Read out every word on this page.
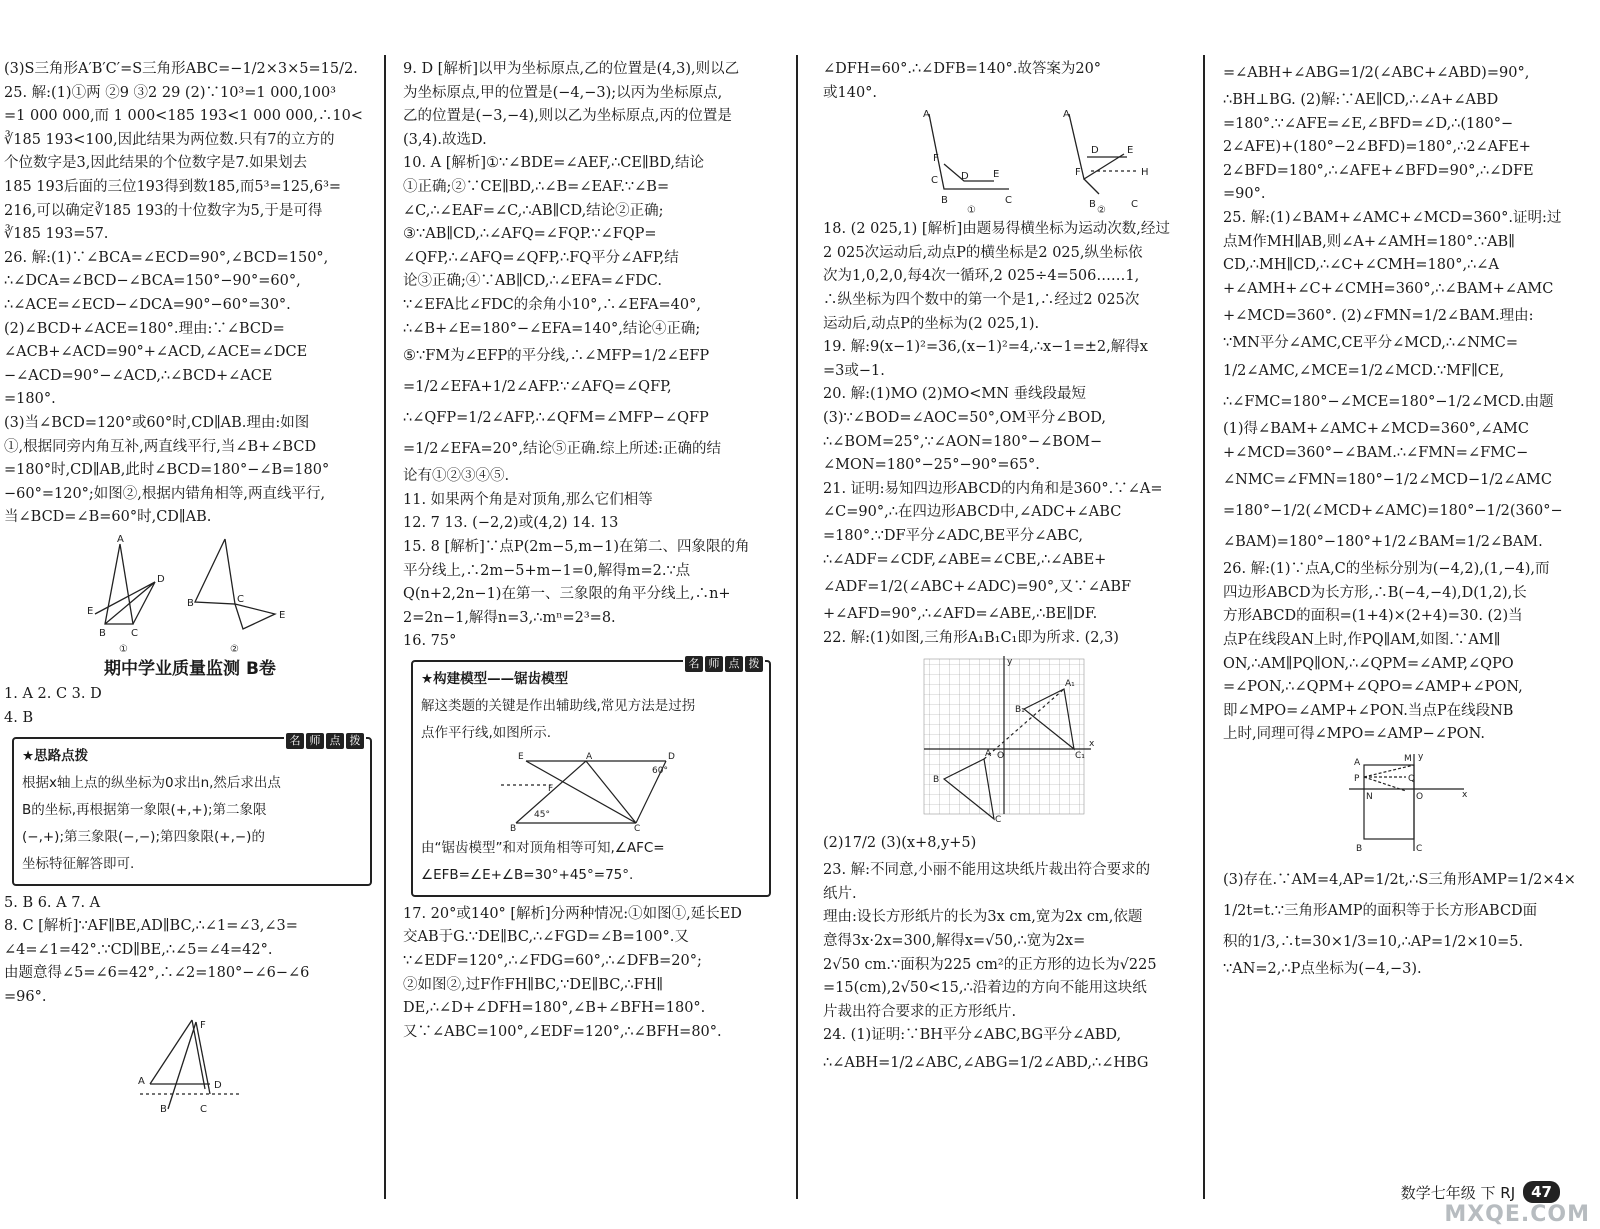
(3)S三角形A′B′C′=S三角形ABC=−1/2×3×5=15/2.
25. 解:(1)①两 ②9 ③2 29 (2)∵10³=1 000,100³
=1 000 000,而 1 000<185 193<1 000 000,∴10<
∛185 193<100,因此结果为两位数.只有7的立方的
个位数字是3,因此结果的个位数字是7.如果划去
185 193后面的三位193得到数185,而5³=125,6³=
216,可以确定∛185 193的十位数字为5,于是可得
∛185 193=57.
26. 解:(1)∵∠BCA=∠ECD=90°,∠BCD=150°,
∴∠DCA=∠BCD−∠BCA=150°−90°=60°,
∴∠ACE=∠ECD−∠DCA=90°−60°=30°.
(2)∠BCD+∠ACE=180°.理由:∵∠BCD=
∠ACB+∠ACD=90°+∠ACD,∠ACE=∠DCE
−∠ACD=90°−∠ACD,∴∠BCD+∠ACE
=180°.
(3)当∠BCD=120°或60°时,CD∥AB.理由:如图
①,根据同旁内角互补,两直线平行,当∠B+∠BCD
=180°时,CD∥AB,此时∠BCD=180°−∠B=180°
−60°=120°;如图②,根据内错角相等,两直线平行,
当∠BCD=∠B=60°时,CD∥AB.
A
D
E
B	C
B	C
E
①	②
期中学业质量监测 B卷
1. A 2. C 3. D
4. B
名 师 点 拨
★思路点拨
根据x轴上点的纵坐标为0求出n,然后求出点
B的坐标,再根据第一象限(+,+);第二象限
(−,+);第三象限(−,−);第四象限(+,−)的
坐标特征解答即可.
5. B 6. A 7. A
8. C [解析]∵AF∥BE,AD∥BC,∴∠1=∠3,∠3=
∠4=∠1=42°.∵CD∥BE,∴∠5=∠4=42°.
由题意得∠5=∠6=42°,∴∠2=180°−∠6−∠6
=96°.
A	D
F
B	C
9. D [解析]以甲为坐标原点,乙的位置是(4,3),则以乙
为坐标原点,甲的位置是(−4,−3);以丙为坐标原点,
乙的位置是(−3,−4),则以乙为坐标原点,丙的位置是
(3,4).故选D.
10. A [解析]①∵∠BDE=∠AEF,∴CE∥BD,结论
①正确;②∵CE∥BD,∴∠B=∠EAF.∵∠B=
∠C,∴∠EAF=∠C,∴AB∥CD,结论②正确;
③∵AB∥CD,∴∠AFQ=∠FQP.∵∠FQP=
∠QFP,∴∠AFQ=∠QFP,∴FQ平分∠AFP,结
论③正确;④∵AB∥CD,∴∠EFA=∠FDC.
∵∠EFA比∠FDC的余角小10°,∴∠EFA=40°,
∴∠B+∠E=180°−∠EFA=140°,结论④正确;
⑤∵FM为∠EFP的平分线,∴∠MFP=1/2∠EFP
=1/2∠EFA+1/2∠AFP.∵∠AFQ=∠QFP,
∴∠QFP=1/2∠AFP,∴∠QFM=∠MFP−∠QFP
=1/2∠EFA=20°,结论⑤正确.综上所述:正确的结
论有①②③④⑤.
11. 如果两个角是对顶角,那么它们相等
12. 7 13. (−2,2)或(4,2) 14. 13
15. 8 [解析]∵点P(2m−5,m−1)在第二、四象限的角
平分线上,∴2m−5+m−1=0,解得m=2.∵点
Q(n+2,2n−1)在第一、三象限的角平分线上,∴n+
2=2n−1,解得n=3,∴mⁿ=2³=8.
16. 75°
名 师 点 拨
★构建模型——锯齿模型
解这类题的关键是作出辅助线,常见方法是过拐
点作平行线,如图所示.
E	A	D
B	C
60°
45°
F
由“锯齿模型”和对顶角相等可知,∠AFC=
∠EFB=∠E+∠B=30°+45°=75°.
17. 20°或140° [解析]分两种情况:①如图①,延长ED
交AB于G.∵DE∥BC,∴∠FGD=∠B=100°.又
∵∠EDF=120°,∴∠FDG=60°,∴∠DFB=20°;
②如图②,过F作FH∥BC,∵DE∥BC,∴FH∥
DE,∴∠D+∠DFH=180°,∠B+∠BFH=180°.
又∵∠ABC=100°,∠EDF=120°,∴∠BFH=80°.
∠DFH=60°.∴∠DFB=140°.故答案为20°
或140°.
A
F
C D E
B	C
A
F
D	E
H
B	C
①	②
18. (2 025,1) [解析]由题易得横坐标为运动次数,经过
2 025次运动后,动点P的横坐标是2 025,纵坐标依
次为1,0,2,0,每4次一循环,2 025÷4=506……1,
∴纵坐标为四个数中的第一个是1,∴经过2 025次
运动后,动点P的坐标为(2 025,1).
19. 解:9(x−1)²=36,(x−1)²=4,∴x−1=±2,解得x
=3或−1.
20. 解:(1)MO (2)MO<MN 垂线段最短
(3)∵∠BOD=∠AOC=50°,OM平分∠BOD,
∴∠BOM=25°,∵∠AON=180°−∠BOM−
∠MON=180°−25°−90°=65°.
21. 证明:易知四边形ABCD的内角和是360°.∵∠A=
∠C=90°,∴在四边形ABCD中,∠ADC+∠ABC
=180°.∵DF平分∠ADC,BE平分∠ABC,
∴∠ADF=∠CDF,∠ABE=∠CBE,∴∠ABE+
∠ADF=1/2(∠ABC+∠ADC)=90°,又∵∠ABF
+∠AFD=90°,∴∠AFD=∠ABE,∴BE∥DF.
22. 解:(1)如图,三角形A₁B₁C₁即为所求. (2,3)
y
x
O
B₁
A₁
C₁
A
B
C
(2)17/2 (3)(x+8,y+5)
23. 解:不同意,小丽不能用这块纸片裁出符合要求的
纸片.
理由:设长方形纸片的长为3x cm,宽为2x cm,依题
意得3x·2x=300,解得x=√50,∴宽为2x=
2√50 cm.∵面积为225 cm²的正方形的边长为√225
=15(cm),2√50<15,∴沿着边的方向不能用这块纸
片裁出符合要求的正方形纸片.
24. (1)证明:∵BH平分∠ABC,BG平分∠ABD,
∴∠ABH=1/2∠ABC,∠ABG=1/2∠ABD,∴∠HBG
=∠ABH+∠ABG=1/2(∠ABC+∠ABD)=90°,
∴BH⊥BG. (2)解:∵AE∥CD,∴∠A+∠ABD
=180°.∵∠AFE=∠E,∠BFD=∠D,∴(180°−
2∠AFE)+(180°−2∠BFD)=180°,∴2∠AFE+
2∠BFD=180°,∴∠AFE+∠BFD=90°,∴∠DFE
=90°.
25. 解:(1)∠BAM+∠AMC+∠MCD=360°.证明:过
点M作MH∥AB,则∠A+∠AMH=180°.∵AB∥
CD,∴MH∥CD,∴∠C+∠CMH=180°,∴∠A
+∠AMH+∠C+∠CMH=360°,∴∠BAM+∠AMC
+∠MCD=360°. (2)∠FMN=1/2∠BAM.理由:
∵MN平分∠AMC,CE平分∠MCD,∴∠NMC=
1/2∠AMC,∠MCE=1/2∠MCD.∵MF∥CE,
∴∠FMC=180°−∠MCE=180°−1/2∠MCD.由题
(1)得∠BAM+∠AMC+∠MCD=360°,∠AMC
+∠MCD=360°−∠BAM.∴∠FMN=∠FMC−
∠NMC=∠FMN=180°−1/2∠MCD−1/2∠AMC
=180°−1/2(∠MCD+∠AMC)=180°−1/2(360°−
∠BAM)=180°−180°+1/2∠BAM=1/2∠BAM.
26. 解:(1)∵点A,C的坐标分别为(−4,2),(1,−4),而
四边形ABCD为长方形,∴B(−4,−4),D(1,2),长
方形ABCD的面积=(1+4)×(2+4)=30. (2)当
点P在线段AN上时,作PQ∥AM,如图.∵AM∥
ON,∴AM∥PQ∥ON,∴∠QPM=∠AMP,∠QPO
=∠PON,∴∠QPM+∠QPO=∠AMP+∠PON,
即∠MPO=∠AMP+∠PON.当点P在线段NB
上时,同理可得∠MPO=∠AMP−∠PON.
A	M y
P	Q
N	O	x
B	C
(3)存在.∵AM=4,AP=1/2t,∴S三角形AMP=1/2×4×
1/2t=t.∵三角形AMP的面积等于长方形ABCD面
积的1/3,∴t=30×1/3=10,∴AP=1/2×10=5.
∵AN=2,∴P点坐标为(−4,−3).
数学七年级 下 RJ	47
MXQE.COM
